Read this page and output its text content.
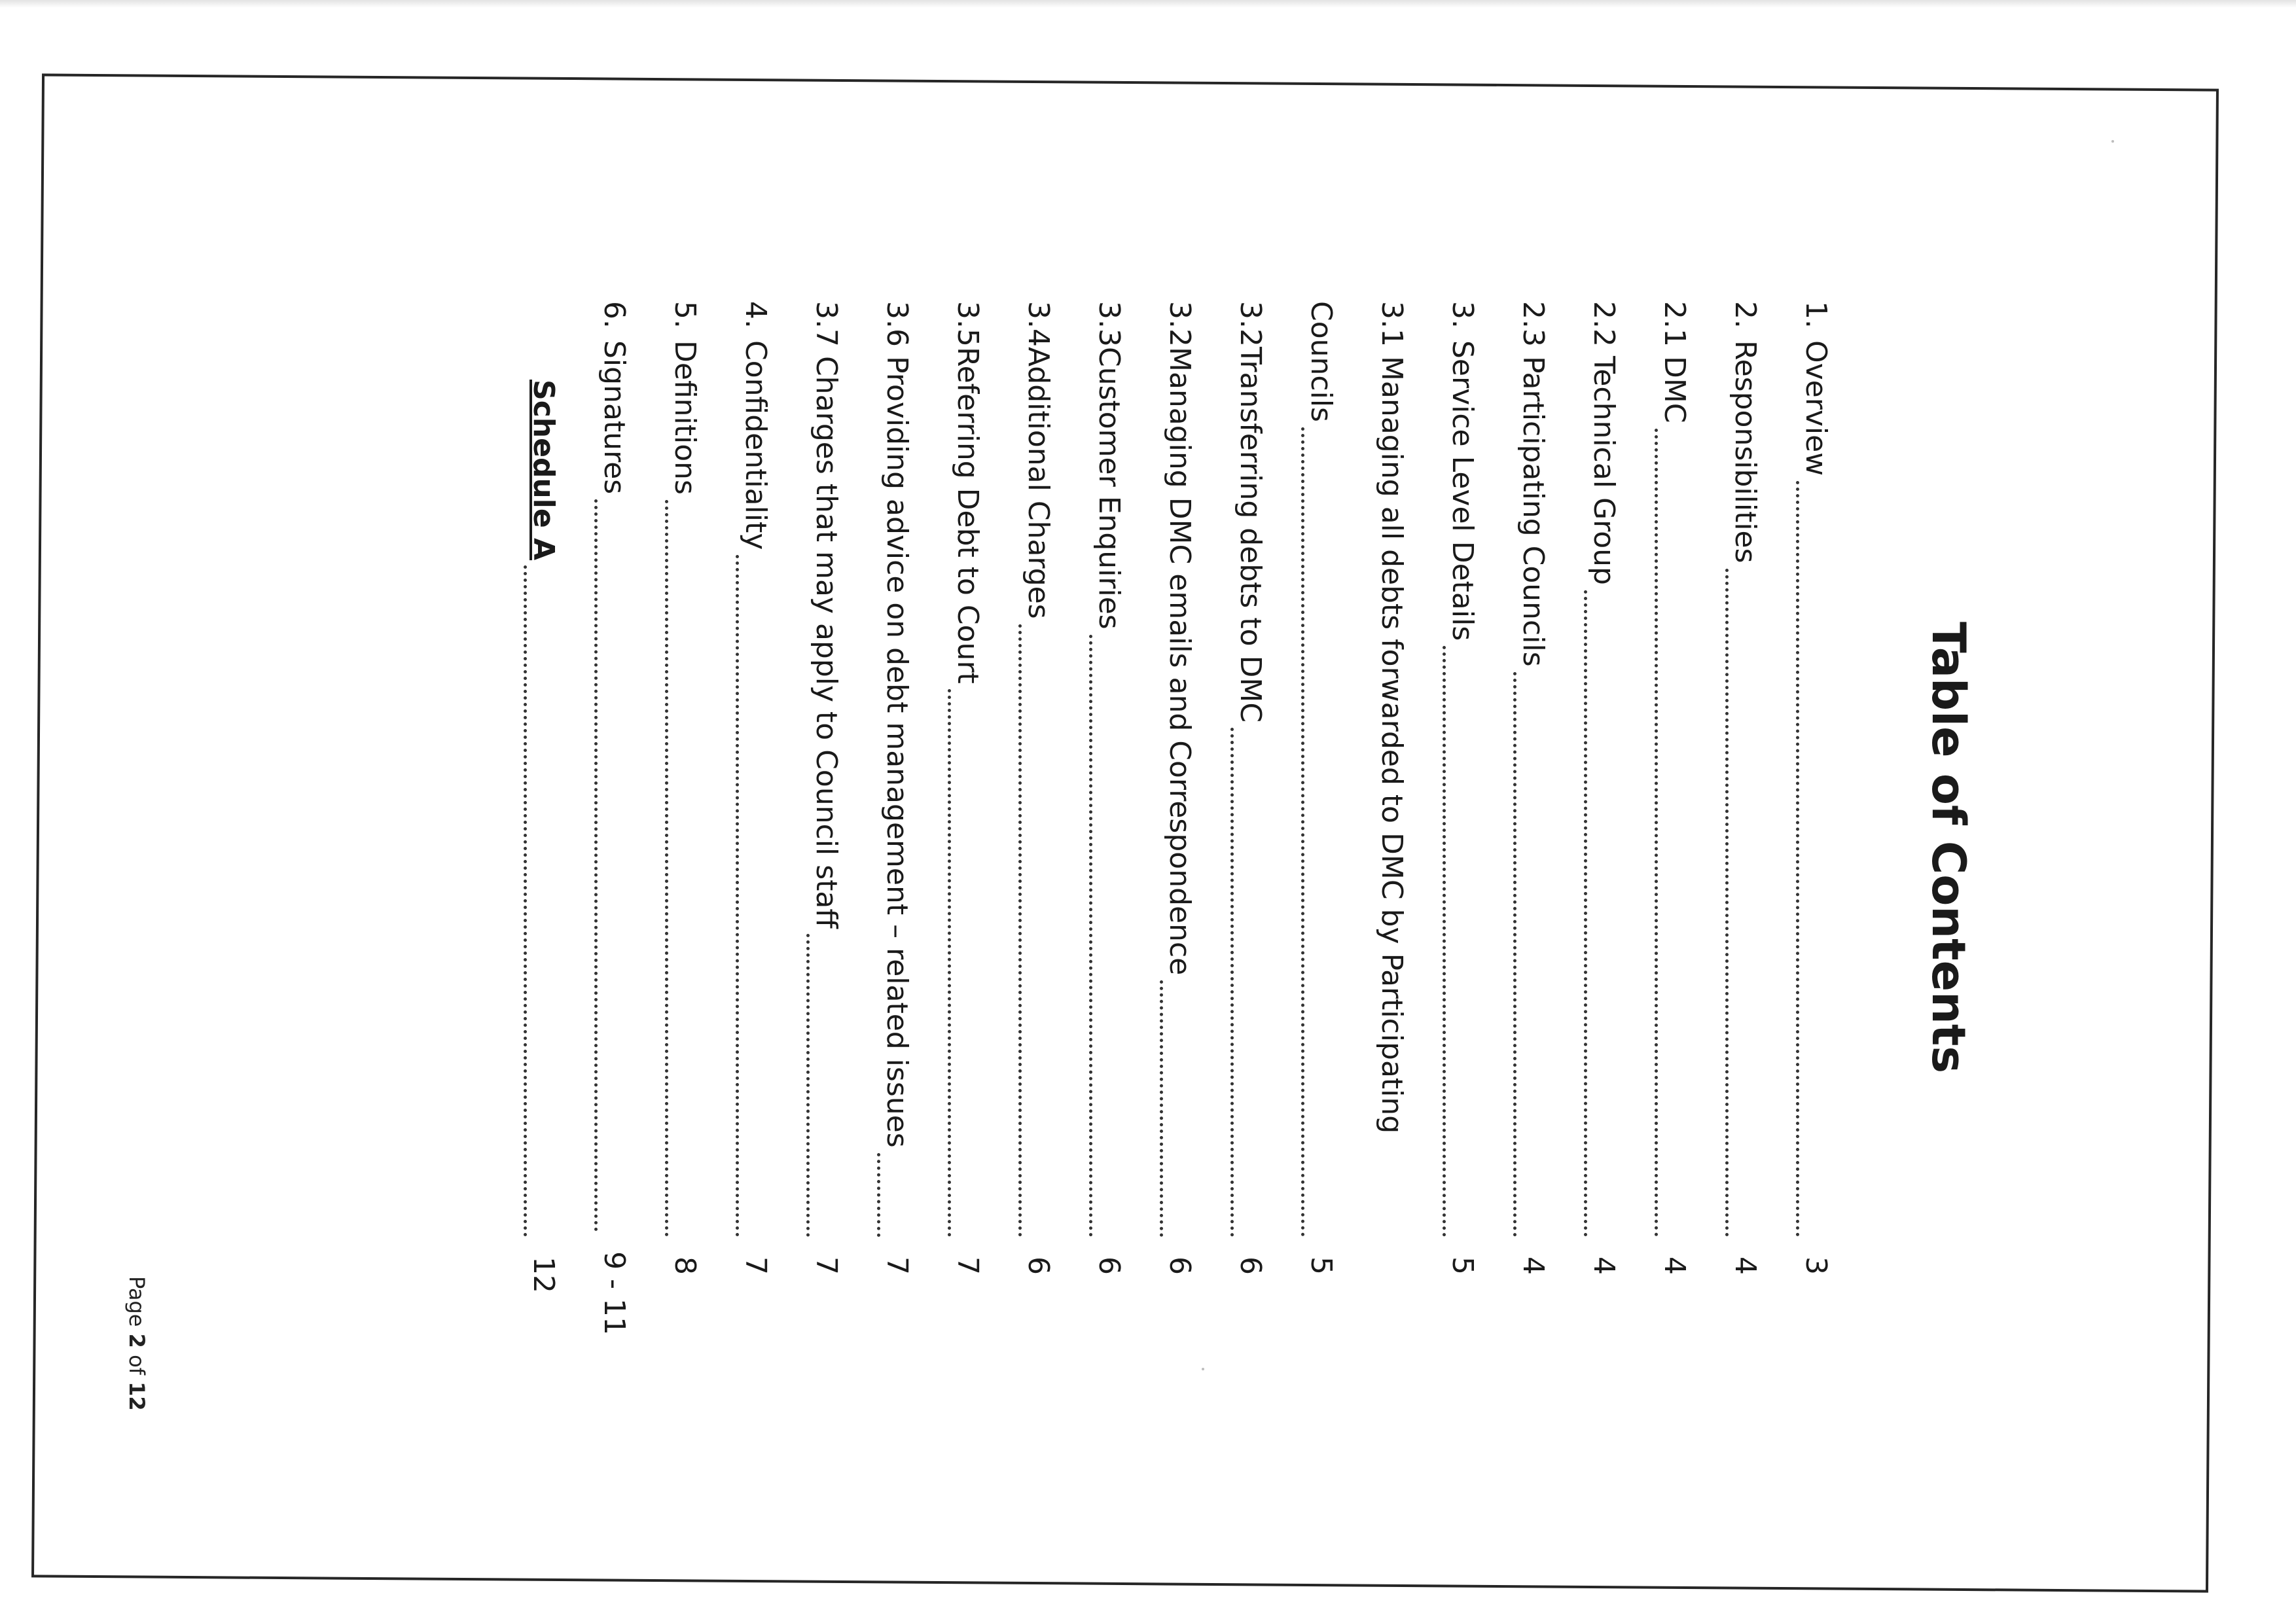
Table of Contents
1.
Overview
3
2.
Responsibilities
4
2.1 DMC
4
2.2 Technical Group
4
2.3 Participating Councils
4
3.
Service Level Details
5
3.1 Managing all debts forwarded to DMC by Participating
Councils
5
3.2Transferring debts to DMC
6
3.2Managing DMC emails and Correspondence
6
3.3Customer Enquiries
6
3.4Additional Charges
6
3.5Referring Debt to Court
7
3.6 Providing advice on debt management – related issues
7
3.7 Charges that may apply to Council staff
7
4.
Confidentiality
7
5.
Definitions
8
6.
Signatures
9 - 11
Schedule A
12
Page 2 of 12
